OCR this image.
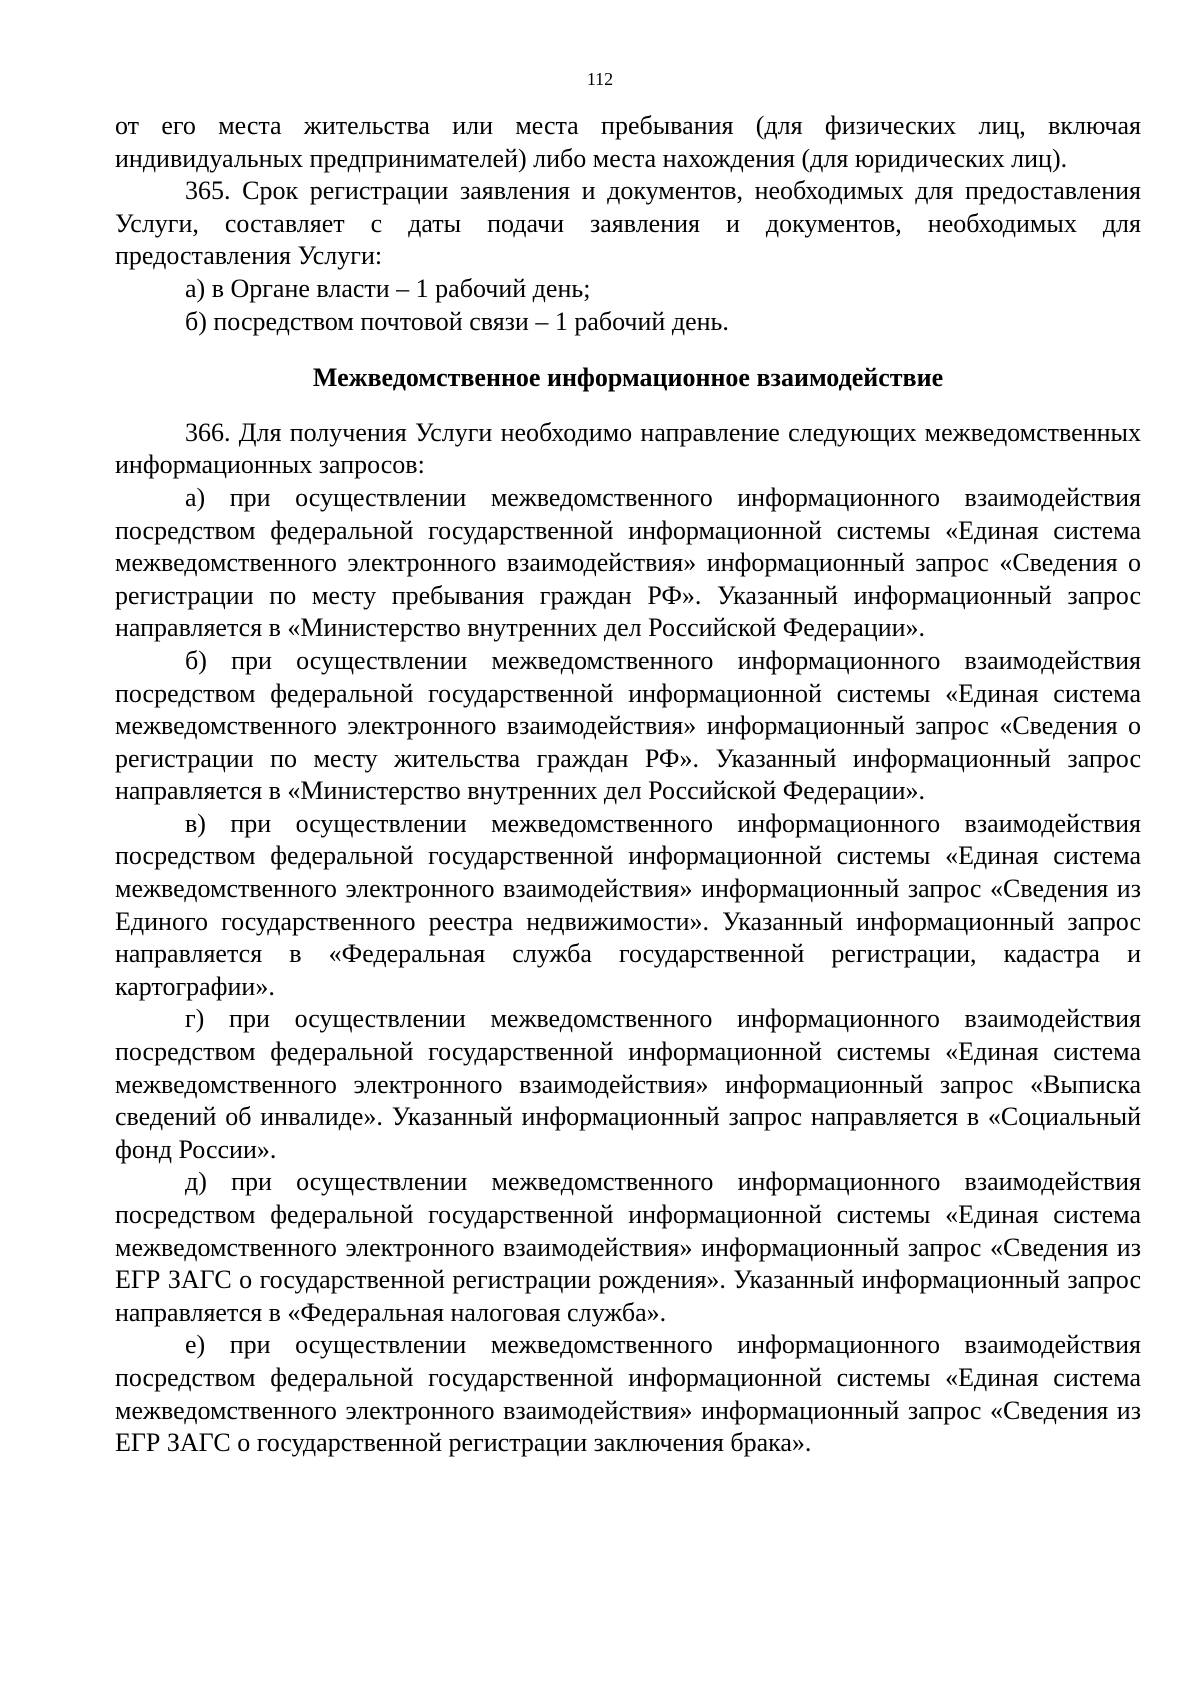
112

от его места жительства или места пребывания (для физических лиц, включая индивидуальных предпринимателей) либо места нахождения (для юридических лиц).

365. Срок регистрации заявления и документов, необходимых для предоставления Услуги, составляет с даты подачи заявления и документов, необходимых для предоставления Услуги:

а) в Органе власти – 1 рабочий день;

б) посредством почтовой связи – 1 рабочий день.

Межведомственное информационное взаимодействие

366. Для получения Услуги необходимо направление следующих межведомственных информационных запросов:

а) при осуществлении межведомственного информационного взаимодействия посредством федеральной государственной информационной системы «Единая система межведомственного электронного взаимодействия» информационный запрос «Сведения о регистрации по месту пребывания граждан РФ». Указанный информационный запрос направляется в «Министерство внутренних дел Российской Федерации».

б) при осуществлении межведомственного информационного взаимодействия посредством федеральной государственной информационной системы «Единая система межведомственного электронного взаимодействия» информационный запрос «Сведения о регистрации по месту жительства граждан РФ». Указанный информационный запрос направляется в «Министерство внутренних дел Российской Федерации».

в) при осуществлении межведомственного информационного взаимодействия посредством федеральной государственной информационной системы «Единая система межведомственного электронного взаимодействия» информационный запрос «Сведения из Единого государственного реестра недвижимости». Указанный информационный запрос направляется в «Федеральная служба государственной регистрации, кадастра и картографии».

г) при осуществлении межведомственного информационного взаимодействия посредством федеральной государственной информационной системы «Единая система межведомственного электронного взаимодействия» информационный запрос «Выписка сведений об инвалиде». Указанный информационный запрос направляется в «Социальный фонд России».

д) при осуществлении межведомственного информационного взаимодействия посредством федеральной государственной информационной системы «Единая система межведомственного электронного взаимодействия» информационный запрос «Сведения из ЕГР ЗАГС о государственной регистрации рождения». Указанный информационный запрос направляется в «Федеральная налоговая служба».

е) при осуществлении межведомственного информационного взаимодействия посредством федеральной государственной информационной системы «Единая система межведомственного электронного взаимодействия» информационный запрос «Сведения из ЕГР ЗАГС о государственной регистрации заключения брака».
